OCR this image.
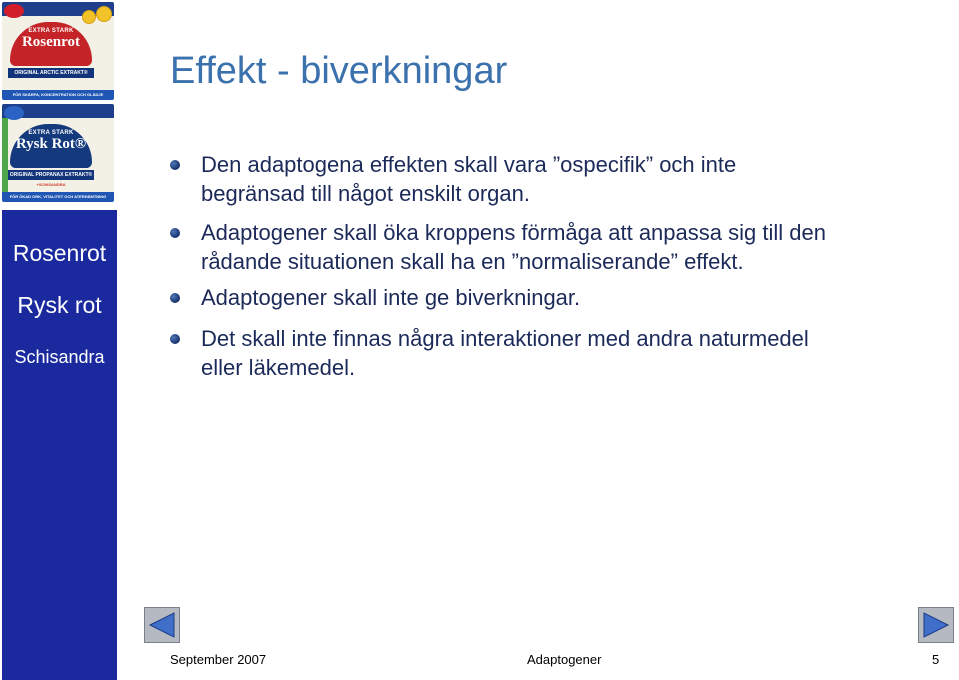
EXTRA STARK
Rosenrot
ORIGINAL ARCTIC EXTRAKT®
FÖR SKÄRPA, KONCENTRATION OCH GLÄDJE
EXTRA STARK
Rysk Rot®
ORIGINAL PROPANAX EXTRAKT®
+SCHISANDRA
FÖR ÖKAD ORK, VITALITET OCH ATERHÄMTNING
Rosenrot
Rysk rot
Schisandra
Effekt - biverkningar
Den adaptogena effekten skall vara ”ospecifik” och inte begränsad till något enskilt organ.
Adaptogener skall öka kroppens förmåga att anpassa sig till den rådande situationen skall ha en ”normaliserande” effekt.
Adaptogener skall inte ge biverkningar.
Det skall inte finnas några interaktioner med andra naturmedel eller läkemedel.
September 2007	Adaptogener	5
